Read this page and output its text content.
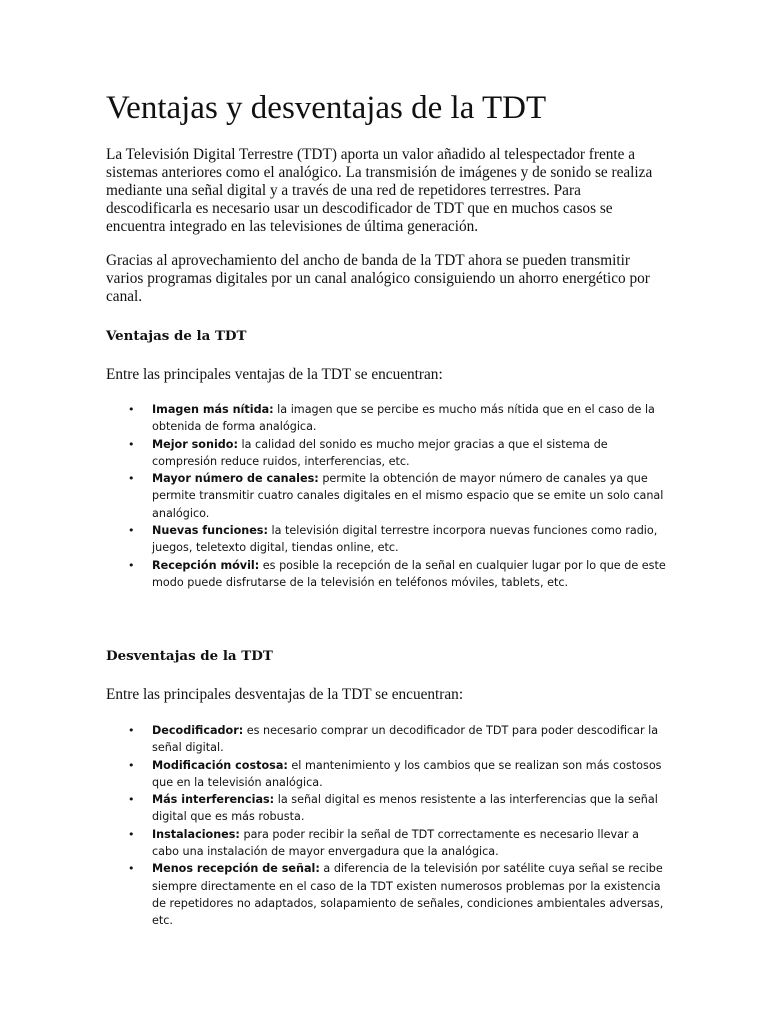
Ventajas y desventajas de la TDT

La Televisión Digital Terrestre (TDT) aporta un valor añadido al telespectador frente a sistemas anteriores como el analógico. La transmisión de imágenes y de sonido se realiza mediante una señal digital y a través de una red de repetidores terrestres. Para descodificarla es necesario usar un descodificador de TDT que en muchos casos se encuentra integrado en las televisiones de última generación.

Gracias al aprovechamiento del ancho de banda de la TDT ahora se pueden transmitir varios programas digitales por un canal analógico consiguiendo un ahorro energético por canal.

Ventajas de la TDT

Entre las principales ventajas de la TDT se encuentran:

• Imagen más nítida: la imagen que se percibe es mucho más nítida que en el caso de la obtenida de forma analógica.
• Mejor sonido: la calidad del sonido es mucho mejor gracias a que el sistema de compresión reduce ruidos, interferencias, etc.
• Mayor número de canales: permite la obtención de mayor número de canales ya que permite transmitir cuatro canales digitales en el mismo espacio que se emite un solo canal analógico.
• Nuevas funciones: la televisión digital terrestre incorpora nuevas funciones como radio, juegos, teletexto digital, tiendas online, etc.
• Recepción móvil: es posible la recepción de la señal en cualquier lugar por lo que de este modo puede disfrutarse de la televisión en teléfonos móviles, tablets, etc.
Desventajas de la TDT

Entre las principales desventajas de la TDT se encuentran:

• Decodificador: es necesario comprar un decodificador de TDT para poder descodificar la señal digital.
• Modificación costosa: el mantenimiento y los cambios que se realizan son más costosos que en la televisión analógica.
• Más interferencias: la señal digital es menos resistente a las interferencias que la señal digital que es más robusta.
• Instalaciones: para poder recibir la señal de TDT correctamente es necesario llevar a cabo una instalación de mayor envergadura que la analógica.
• Menos recepción de señal: a diferencia de la televisión por satélite cuya señal se recibe siempre directamente en el caso de la TDT existen numerosos problemas por la existencia de repetidores no adaptados, solapamiento de señales, condiciones ambientales adversas, etc.
